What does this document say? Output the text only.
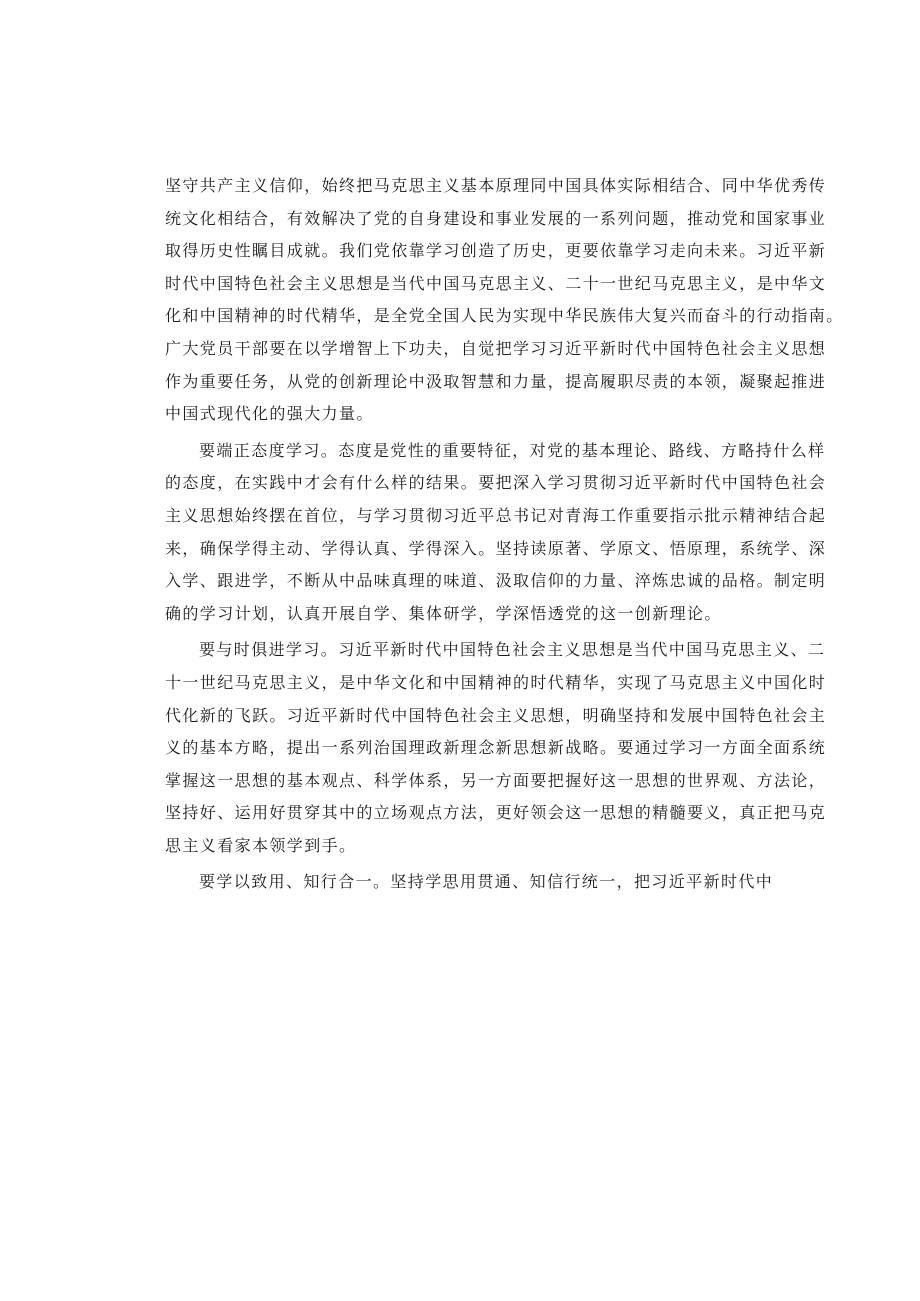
坚守共产主义信仰，始终把马克思主义基本原理同中国具体实际相结合、同中华优秀传
统文化相结合，有效解决了党的自身建设和事业发展的一系列问题，推动党和国家事业
取得历史性瞩目成就。我们党依靠学习创造了历史，更要依靠学习走向未来。习近平新
时代中国特色社会主义思想是当代中国马克思主义、二十一世纪马克思主义，是中华文
化和中国精神的时代精华，是全党全国人民为实现中华民族伟大复兴而奋斗的行动指南。
广大党员干部要在以学增智上下功夫，自觉把学习习近平新时代中国特色社会主义思想
作为重要任务，从党的创新理论中汲取智慧和力量，提高履职尽责的本领，凝聚起推进
中国式现代化的强大力量。
要端正态度学习。态度是党性的重要特征，对党的基本理论、路线、方略持什么样
的态度，在实践中才会有什么样的结果。要把深入学习贯彻习近平新时代中国特色社会
主义思想始终摆在首位，与学习贯彻习近平总书记对青海工作重要指示批示精神结合起
来，确保学得主动、学得认真、学得深入。坚持读原著、学原文、悟原理，系统学、深
入学、跟进学，不断从中品味真理的味道、汲取信仰的力量、淬炼忠诚的品格。制定明
确的学习计划，认真开展自学、集体研学，学深悟透党的这一创新理论。
要与时俱进学习。习近平新时代中国特色社会主义思想是当代中国马克思主义、二
十一世纪马克思主义，是中华文化和中国精神的时代精华，实现了马克思主义中国化时
代化新的飞跃。习近平新时代中国特色社会主义思想，明确坚持和发展中国特色社会主
义的基本方略，提出一系列治国理政新理念新思想新战略。要通过学习一方面全面系统
掌握这一思想的基本观点、科学体系，另一方面要把握好这一思想的世界观、方法论，
坚持好、运用好贯穿其中的立场观点方法，更好领会这一思想的精髓要义，真正把马克
思主义看家本领学到手。
要学以致用、知行合一。坚持学思用贯通、知信行统一，把习近平新时代中
